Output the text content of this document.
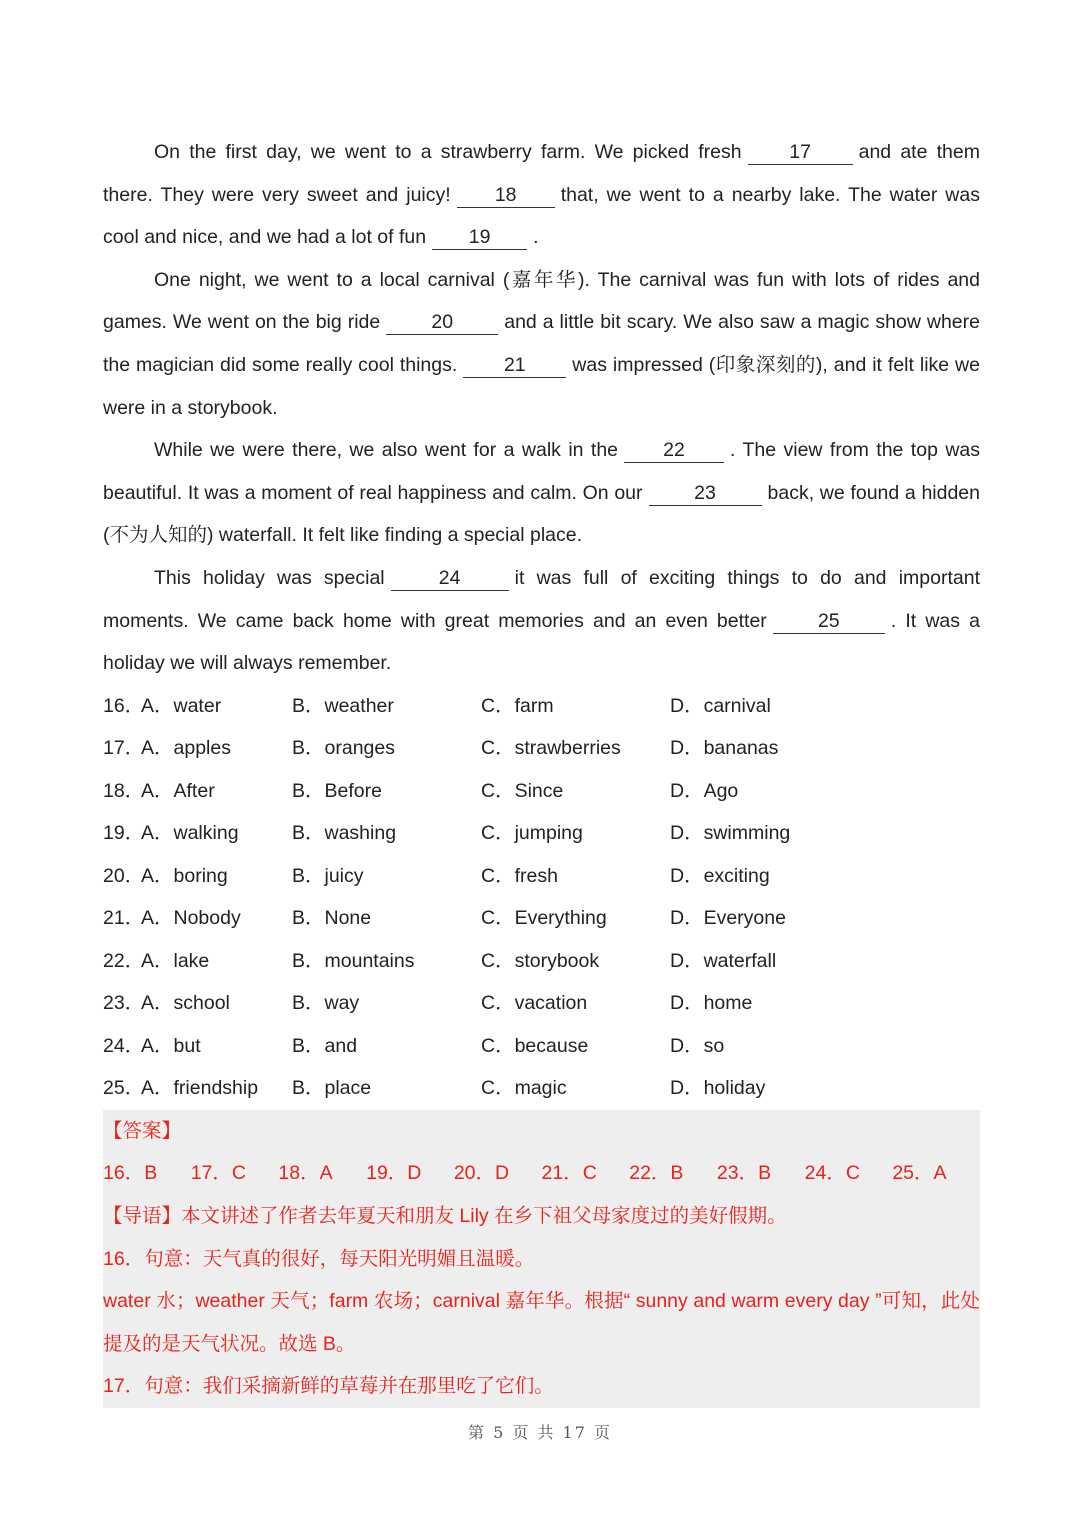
On the first day, we went to a strawberry farm. We picked fresh 17 and ate them there. They were very sweet and juicy! 18 that, we went to a nearby lake. The water was cool and nice, and we had a lot of fun 19 .

One night, we went to a local carnival (嘉年华). The carnival was fun with lots of rides and games. We went on the big ride	20	and a little bit scary. We also saw a magic show where the magician did some really cool things. 21 was impressed (印象深刻的), and it felt like we were in a storybook.

While we were there, we also went for a walk in the 22 . The view from the top was beautiful. It was a moment of real happiness and calm. On our	23	back, we found a hidden (不为人知的) waterfall. It felt like finding a special place.

This holiday was special	24	it was full of exciting things to do and important moments. We came back home with great memories and an even better	25	. It was a holiday we will always remember.

16．
A．water	B．weather	C．farm	D．carnival
17．
A．apples	B．oranges	C．strawberries	D．bananas
18．
A．After	B．Before	C．Since	D．Ago
19．
A．walking	B．washing	C．jumping	D．swimming
20．
A．boring	B．juicy	C．fresh	D．exciting
21．
A．Nobody	B．None	C．Everything	D．Everyone
22．
A．lake	B．mountains	C．storybook	D．waterfall
23．
A．school	B．way	C．vacation	D．home
24．
A．but	B．and	C．because	D．so
25．
A．friendship	B．place	C．magic	D．holiday
【答案】
16．B	17．C	18．A	19．D	20．D	21．C	22．B	23．B	24．C	25．A
【导语】本文讲述了作者去年夏天和朋友 Lily 在乡下祖父母家度过的美好假期。
16．句意：天气真的很好，每天阳光明媚且温暖。

water 水；weather 天气；farm 农场；carnival 嘉年华。根据“ sunny and warm every day ”可知，此处提及的是天气状况。故选 B。

17．句意：我们采摘新鲜的草莓并在那里吃了它们。
第 5 页 共 17 页
